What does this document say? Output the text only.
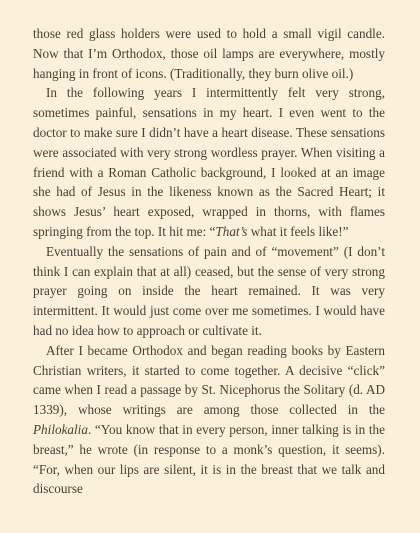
those red glass holders were used to hold a small vigil candle. Now that I’m Orthodox, those oil lamps are everywhere, mostly hanging in front of icons. (Traditionally, they burn olive oil.)

In the following years I intermittently felt very strong, sometimes painful, sensations in my heart. I even went to the doctor to make sure I didn’t have a heart disease. These sensations were associated with very strong wordless prayer. When visiting a friend with a Roman Catholic background, I looked at an image she had of Jesus in the likeness known as the Sacred Heart; it shows Jesus’ heart exposed, wrapped in thorns, with flames springing from the top. It hit me: “That’s what it feels like!”

Eventually the sensations of pain and of “movement” (I don’t think I can explain that at all) ceased, but the sense of very strong prayer going on inside the heart remained. It was very intermittent. It would just come over me sometimes. I would have had no idea how to approach or cultivate it.

After I became Orthodox and began reading books by Eastern Christian writers, it started to come together. A decisive “click” came when I read a passage by St. Nicephorus the Solitary (d. AD 1339), whose writings are among those collected in the Philokalia. “You know that in every person, inner talking is in the breast,” he wrote (in response to a monk’s question, it seems). “For, when our lips are silent, it is in the breast that we talk and discourse
